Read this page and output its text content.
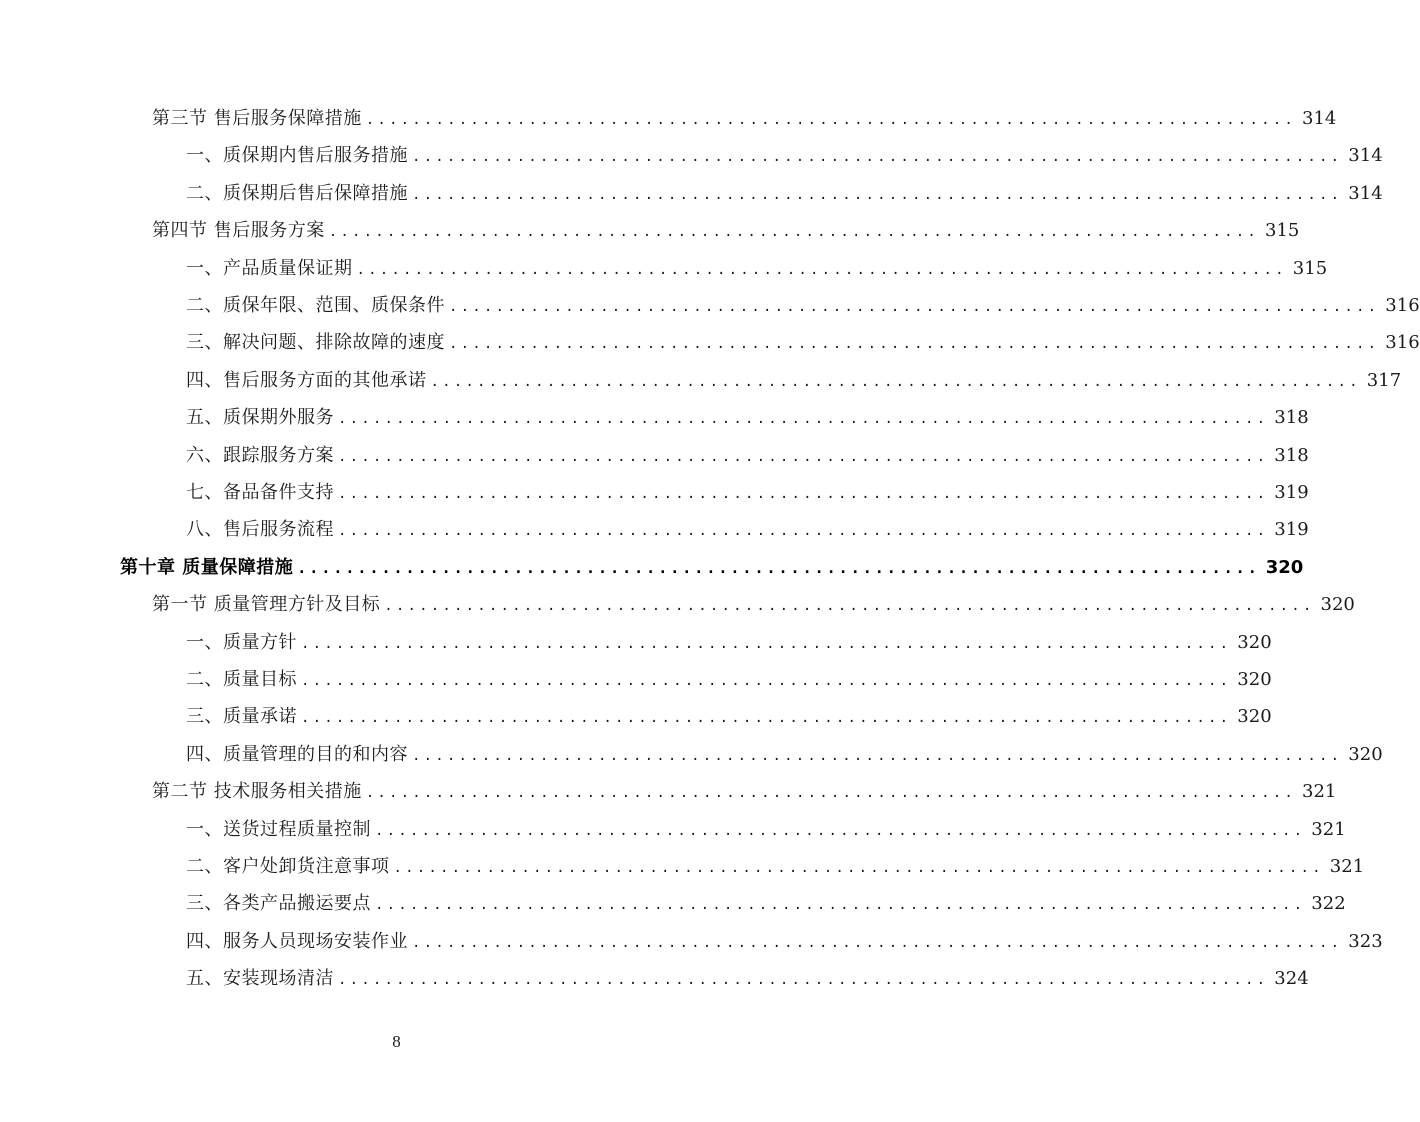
第三节 售后服务保障措施 ................................................................................ 314
一、质保期内售后服务措施 ................................................................................ 314
二、质保期后售后保障措施 ................................................................................ 314
第四节 售后服务方案 ................................................................................ 315
一、产品质量保证期 ................................................................................ 315
二、质保年限、范围、质保条件 ................................................................................ 316
三、解决问题、排除故障的速度 ................................................................................ 316
四、售后服务方面的其他承诺 ................................................................................ 317
五、质保期外服务 ................................................................................ 318
六、跟踪服务方案 ................................................................................ 318
七、备品备件支持 ................................................................................ 319
八、售后服务流程 ................................................................................ 319
第十章 质量保障措施 ................................................................................ 320
第一节 质量管理方针及目标 ................................................................................ 320
一、质量方针 ................................................................................ 320
二、质量目标 ................................................................................ 320
三、质量承诺 ................................................................................ 320
四、质量管理的目的和内容 ................................................................................ 320
第二节 技术服务相关措施 ................................................................................ 321
一、送货过程质量控制 ................................................................................ 321
二、客户处卸货注意事项 ................................................................................ 321
三、各类产品搬运要点 ................................................................................ 322
四、服务人员现场安装作业 ................................................................................ 323
五、安装现场清洁 ................................................................................ 324
8
